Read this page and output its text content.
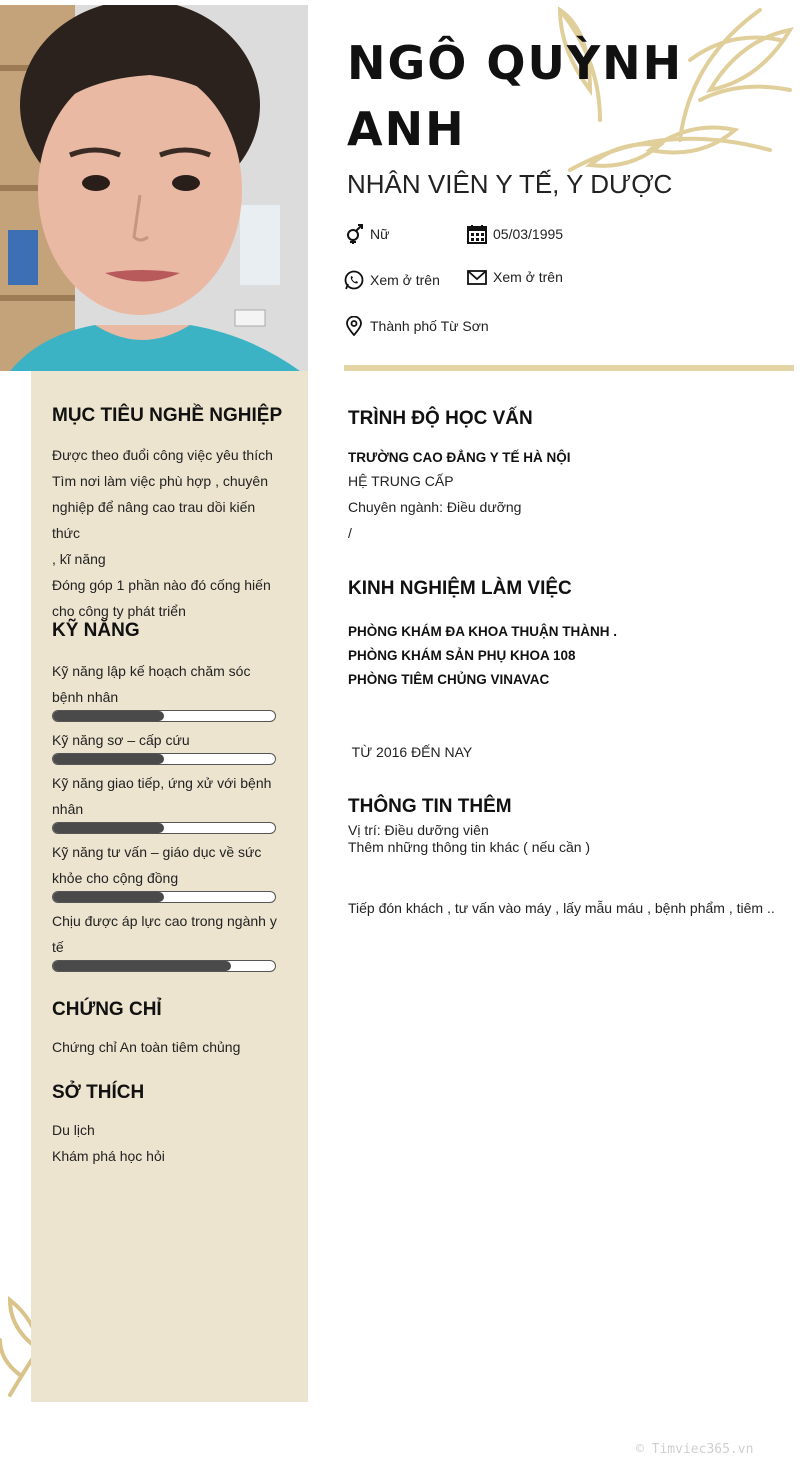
NGÔ QUỲNH
ANH
NHÂN VIÊN Y TẾ, Y DƯỢC
Nữ	05/03/1995
Xem ở trên	Xem ở trên
Thành phố Từ Sơn
MỤC TIÊU NGHỀ NGHIỆP
Được theo đuổi công việc yêu thích
Tìm nơi làm việc phù hợp , chuyên
nghiệp để nâng cao trau dồi kiến thức
, kĩ năng
Đóng góp 1 phần nào đó cống hiến
cho công ty phát triển
KỸ NĂNG
Kỹ năng lập kế hoạch chăm sóc
bệnh nhân
Kỹ năng sơ – cấp cứu
Kỹ năng giao tiếp, ứng xử với bệnh
nhân
Kỹ năng tư vấn – giáo dục về sức
khỏe cho cộng đồng
Chịu được áp lực cao trong ngành y
tế
CHỨNG CHỈ
Chứng chỉ An toàn tiêm chủng
SỞ THÍCH
Du lịch
Khám phá học hỏi
TRÌNH ĐỘ HỌC VẤN
TRƯỜNG CAO ĐẲNG Y TẾ HÀ NỘI
HỆ TRUNG CẤP
Chuyên ngành: Điều dưỡng
/
KINH NGHIỆM LÀM VIỆC
PHÒNG KHÁM ĐA KHOA THUẬN THÀNH .
PHÒNG KHÁM SẢN PHỤ KHOA 108
PHÒNG TIÊM CHỦNG VINAVAC

TỪ 2016 ĐẾN NAY

Vị trí: Điều dưỡng viên

Tiếp đón khách , tư vấn vào máy , lấy mẫu máu , bệnh phẩm , tiêm ..

THÔNG TIN THÊM
Thêm những thông tin khác ( nếu cần )
© Timviec365.vn
